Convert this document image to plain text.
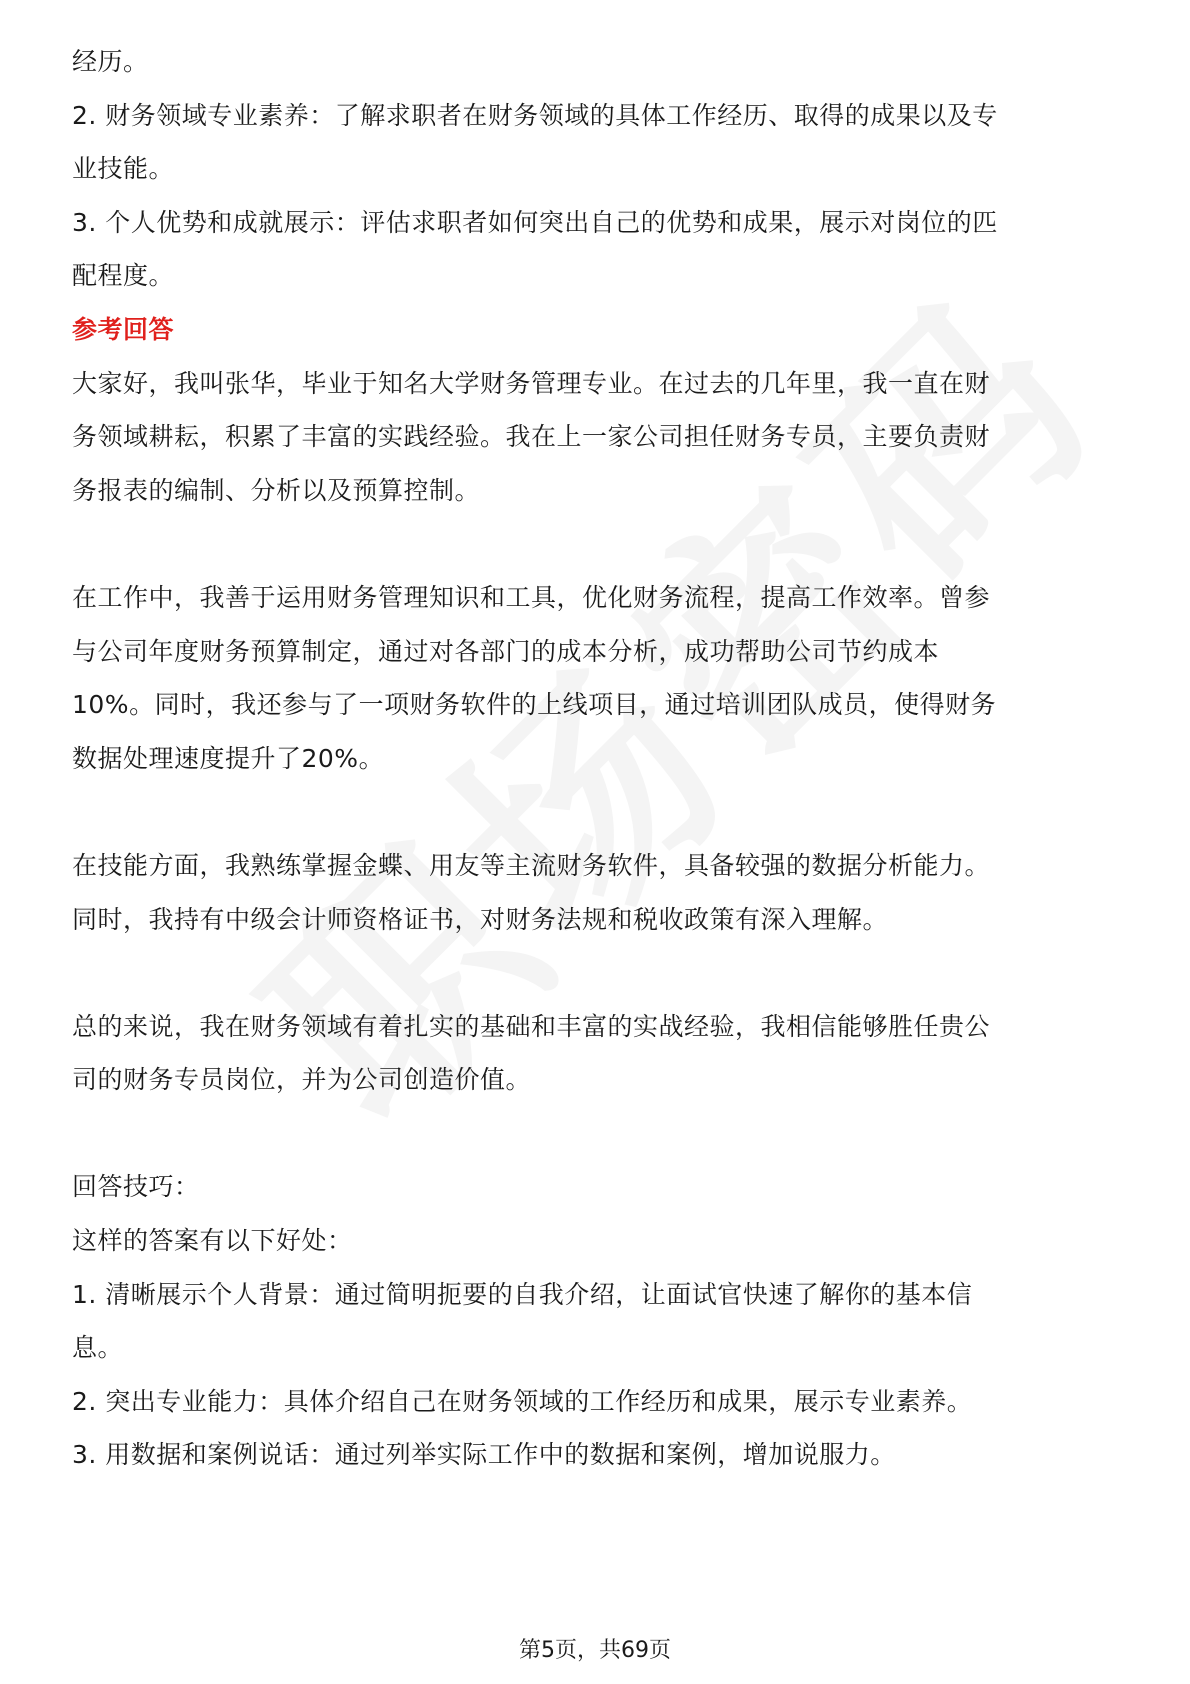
经历。
2. 财务领域专业素养：了解求职者在财务领域的具体工作经历、取得的成果以及专
业技能。
3. 个人优势和成就展示：评估求职者如何突出自己的优势和成果，展示对岗位的匹
配程度。
参考回答
大家好，我叫张华，毕业于知名大学财务管理专业。在过去的几年里，我一直在财
务领域耕耘，积累了丰富的实践经验。我在上一家公司担任财务专员，主要负责财
务报表的编制、分析以及预算控制。
在工作中，我善于运用财务管理知识和工具，优化财务流程，提高工作效率。曾参
与公司年度财务预算制定，通过对各部门的成本分析，成功帮助公司节约成本
10%。同时，我还参与了一项财务软件的上线项目，通过培训团队成员，使得财务
数据处理速度提升了20%。
在技能方面，我熟练掌握金蝶、用友等主流财务软件，具备较强的数据分析能力。
同时，我持有中级会计师资格证书，对财务法规和税收政策有深入理解。
总的来说，我在财务领域有着扎实的基础和丰富的实战经验，我相信能够胜任贵公
司的财务专员岗位，并为公司创造价值。
回答技巧：
这样的答案有以下好处：
1. 清晰展示个人背景：通过简明扼要的自我介绍，让面试官快速了解你的基本信
息。
2. 突出专业能力：具体介绍自己在财务领域的工作经历和成果，展示专业素养。
3. 用数据和案例说话：通过列举实际工作中的数据和案例，增加说服力。
第5页，共69页
